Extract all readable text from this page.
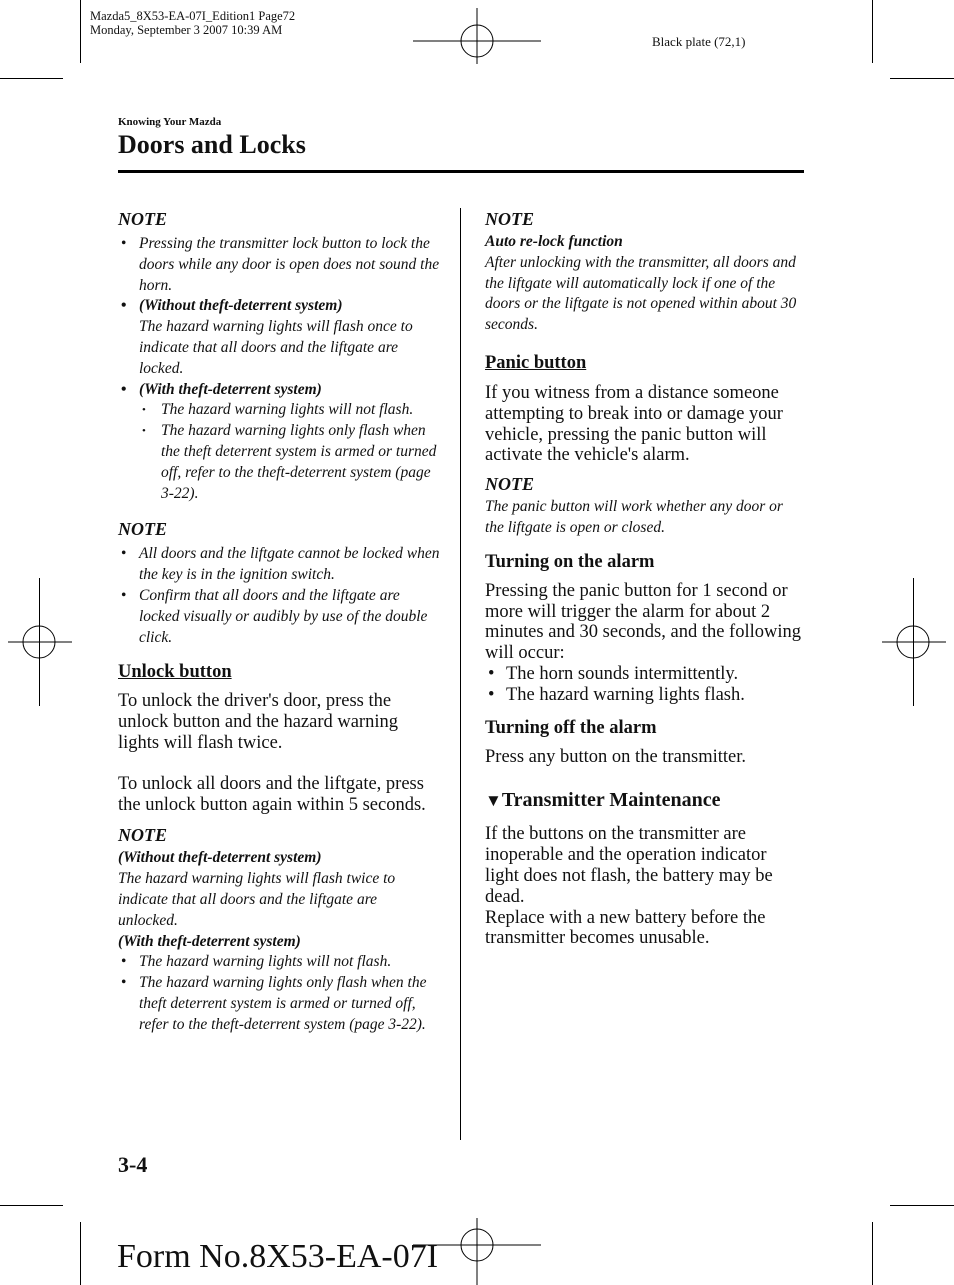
Mazda5_8X53-EA-07I_Edition1 Page72
Monday, September 3 2007 10:39 AM
Black plate (72,1)
Knowing Your Mazda
Doors and Locks
NOTE
• Pressing the transmitter lock button to lock the doors while any door is open does not sound the horn.
• (Without theft-deterrent system)
The hazard warning lights will flash once to indicate that all doors and the liftgate are locked.
• (With theft-deterrent system)
• The hazard warning lights will not flash.
• The hazard warning lights only flash when the theft deterrent system is armed or turned off, refer to the theft-deterrent system (page 3-22).
NOTE
• All doors and the liftgate cannot be locked when the key is in the ignition switch.
• Confirm that all doors and the liftgate are locked visually or audibly by use of the double click.
Unlock button
To unlock the driver's door, press the unlock button and the hazard warning lights will flash twice.
To unlock all doors and the liftgate, press the unlock button again within 5 seconds.
NOTE
(Without theft-deterrent system)
The hazard warning lights will flash twice to indicate that all doors and the liftgate are unlocked.
(With theft-deterrent system)
• The hazard warning lights will not flash.
• The hazard warning lights only flash when the theft deterrent system is armed or turned off, refer to the theft-deterrent system (page 3-22).
NOTE
Auto re-lock function
After unlocking with the transmitter, all doors and the liftgate will automatically lock if one of the doors or the liftgate is not opened within about 30 seconds.
Panic button
If you witness from a distance someone attempting to break into or damage your vehicle, pressing the panic button will activate the vehicle's alarm.
NOTE
The panic button will work whether any door or the liftgate is open or closed.
Turning on the alarm
Pressing the panic button for 1 second or more will trigger the alarm for about 2 minutes and 30 seconds, and the following will occur:
• The horn sounds intermittently.
• The hazard warning lights flash.
Turning off the alarm
Press any button on the transmitter.
▼Transmitter Maintenance
If the buttons on the transmitter are inoperable and the operation indicator light does not flash, the battery may be dead.
Replace with a new battery before the transmitter becomes unusable.
3-4
Form No.8X53-EA-07I
